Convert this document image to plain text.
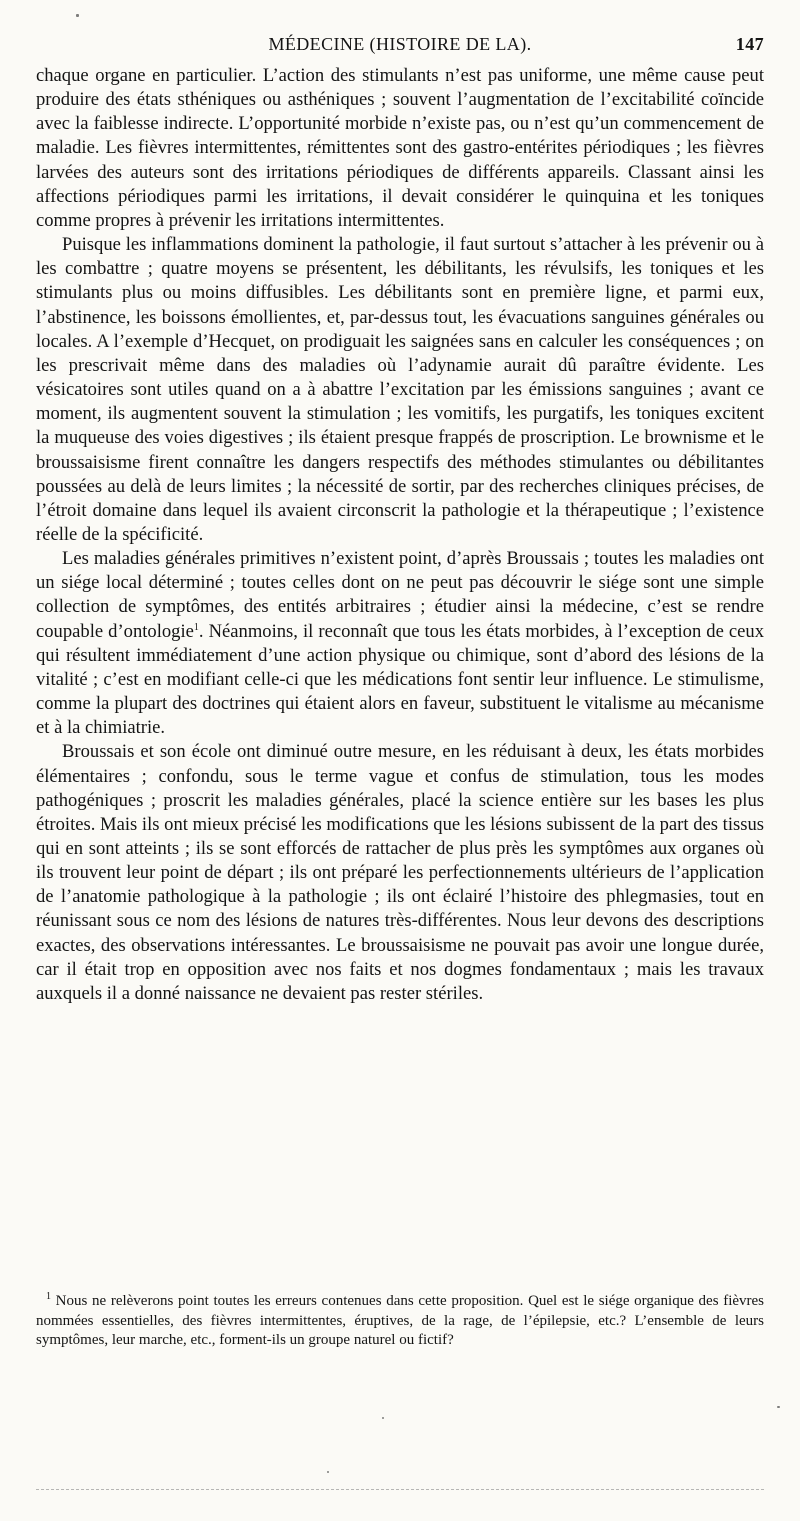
MÉDECINE (HISTOIRE DE LA).	147

chaque organe en particulier. L’action des stimulants n’est pas uniforme, une même cause peut produire des états sthéniques ou asthéniques ; souvent l’augmentation de l’excitabilité coïncide avec la faiblesse indirecte. L’opportunité morbide n’existe pas, ou n’est qu’un commencement de maladie. Les fièvres intermittentes, rémittentes sont des gastro-entérites périodiques ; les fièvres larvées des auteurs sont des irritations périodiques de différents appareils. Classant ainsi les affections périodiques parmi les irritations, il devait considérer le quinquina et les toniques comme propres à prévenir les irritations intermittentes.

Puisque les inflammations dominent la pathologie, il faut surtout s’attacher à les prévenir ou à les combattre ; quatre moyens se présentent, les débilitants, les révulsifs, les toniques et les stimulants plus ou moins diffusibles. Les débilitants sont en première ligne, et parmi eux, l’abstinence, les boissons émollientes, et, par-dessus tout, les évacuations sanguines générales ou locales. A l’exemple d’Hecquet, on prodiguait les saignées sans en calculer les conséquences ; on les prescrivait même dans des maladies où l’adynamie aurait dû paraître évidente. Les vésicatoires sont utiles quand on a à abattre l’excitation par les émissions sanguines ; avant ce moment, ils augmentent souvent la stimulation ; les vomitifs, les purgatifs, les toniques excitent la muqueuse des voies digestives ; ils étaient presque frappés de proscription. Le brownisme et le broussaisisme firent connaître les dangers respectifs des méthodes stimulantes ou débilitantes poussées au delà de leurs limites ; la nécessité de sortir, par des recherches cliniques précises, de l’étroit domaine dans lequel ils avaient circonscrit la pathologie et la thérapeutique ; l’existence réelle de la spécificité.

Les maladies générales primitives n’existent point, d’après Broussais ; toutes les maladies ont un siége local déterminé ; toutes celles dont on ne peut pas découvrir le siége sont une simple collection de symptômes, des entités arbitraires ; étudier ainsi la médecine, c’est se rendre coupable d’ontologie$^1$. Néanmoins, il reconnaît que tous les états morbides, à l’exception de ceux qui résultent immédiatement d’une action physique ou chimique, sont d’abord des lésions de la vitalité ; c’est en modifiant celle-ci que les médications font sentir leur influence. Le stimulisme, comme la plupart des doctrines qui étaient alors en faveur, substituent le vitalisme au mécanisme et à la chimiatrie.

Broussais et son école ont diminué outre mesure, en les réduisant à deux, les états morbides élémentaires ; confondu, sous le terme vague et confus de stimulation, tous les modes pathogéniques ; proscrit les maladies générales, placé la science entière sur les bases les plus étroites. Mais ils ont mieux précisé les modifications que les lésions subissent de la part des tissus qui en sont atteints ; ils se sont efforcés de rattacher de plus près les symptômes aux organes où ils trouvent leur point de départ ; ils ont préparé les perfectionnements ultérieurs de l’application de l’anatomie pathologique à la pathologie ; ils ont éclairé l’histoire des phlegmasies, tout en réunissant sous ce nom des lésions de natures très-différentes. Nous leur devons des descriptions exactes, des observations intéressantes. Le broussaisisme ne pouvait pas avoir une longue durée, car il était trop en opposition avec nos faits et nos dogmes fondamentaux ; mais les travaux auxquels il a donné naissance ne devaient pas rester stériles.

$^1$ Nous ne relèverons point toutes les erreurs contenues dans cette proposition. Quel est le siége organique des fièvres nommées essentielles, des fièvres intermittentes, éruptives, de la rage, de l’épilepsie, etc.? L’ensemble de leurs symptômes, leur marche, etc., forment-ils un groupe naturel ou fictif?
